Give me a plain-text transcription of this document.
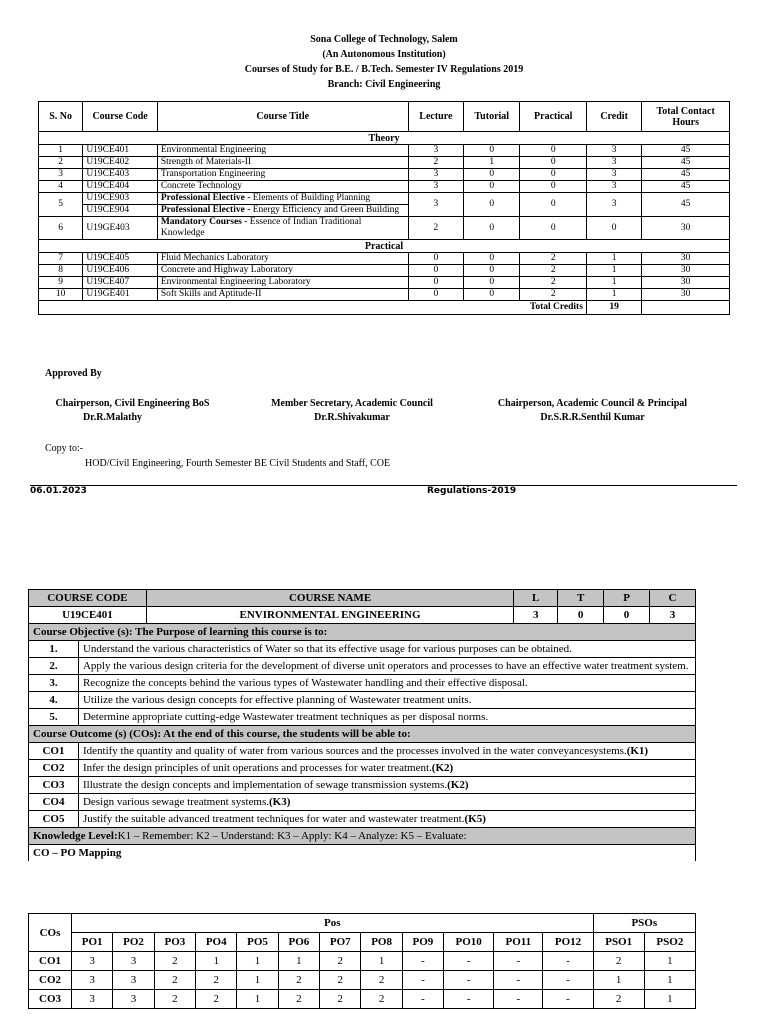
Sona College of Technology, Salem
(An Autonomous Institution)
Courses of Study for B.E. / B.Tech. Semester IV Regulations 2019
Branch: Civil Engineering
S. No	Course Code	Course Title	Lecture	Tutorial	Practical	Credit	Total Contact Hours
Theory							
1	U19CE401	Environmental Engineering	3	0	0	3	45
2	U19CE402	Strength of Materials-II	2	1	0	3	45
3	U19CE403	Transportation Engineering	3	0	0	3	45
4	U19CE404	Concrete Technology	3	0	0	3	45
5	U19CE903	Professional Elective - Elements of Building Planning	3	0	0	3	45
	U19CE904	Professional Elective - Energy Efficiency and Green Building					
6	U19GE403	Mandatory Courses - Essence of Indian Traditional Knowledge	2	0	0	0	30
Practical							
7	U19CE405	Fluid Mechanics Laboratory	0	0	2	1	30
8	U19CE406	Concrete and Highway Laboratory	0	0	2	1	30
9	U19CE407	Environmental Engineering Laboratory	0	0	2	1	30
10	U19GE401	Soft Skills and Aptitude-II	0	0	2	1	30
Total Credits						19	
Approved By
Chairperson, Civil Engineering BoS
Dr.R.Malathy
Member Secretary, Academic Council
Dr.R.Shivakumar
Chairperson, Academic Council & Principal
Dr.S.R.R.Senthil Kumar
Copy to:-
HOD/Civil Engineering, Fourth Semester BE Civil Students and Staff, COE
06.01.2023	Regulations-2019
COURSE CODE		COURSE NAME	L	T	P	C
U19CE401		ENVIRONMENTAL ENGINEERING	3	0	0	3
Course Objective (s): The Purpose of learning this course is to:						
1.	Understand the various characteristics of Water so that its effective usage for various purposes can be obtained.					
2.	Apply the various design criteria for the development of diverse unit operators and processes to have an effective water treatment system.					
3.	Recognize the concepts behind the various types of Wastewater handling and their effective disposal.					
4.	Utilize the various design concepts for effective planning of Wastewater treatment units.					
5.	Determine appropriate cutting-edge Wastewater treatment techniques as per disposal norms.					
Course Outcome (s) (COs): At the end of this course, the students will be able to:						
CO1	Identify the quantity and quality of water from various sources and the processes involved in the water conveyancesystems.(K1)					
CO2	Infer the design principles of unit operations and processes for water treatment.(K2)					
CO3	Illustrate the design concepts and implementation of sewage transmission systems.(K2)					
CO4	Design various sewage treatment systems.(K3)					
CO5	Justify the suitable advanced treatment techniques for water and wastewater treatment.(K5)					
Knowledge Level:K1 – Remember: K2 – Understand: K3 – Apply: K4 – Analyze: K5 – Evaluate:						
CO – PO Mapping						
COs	Pos												PSOs	
	PO1	PO2	PO3	PO4	PO5	PO6	PO7	PO8	PO9	PO10	PO11	PO12	PSO1	PSO2
CO1	3	3	2	1	1	1	2	1	-	-	-	-	2	1
CO2	3	3	2	2	1	2	2	2	-	-	-	-	1	1
CO3	3	3	2	2	1	2	2	2	-	-	-	-	2	1
